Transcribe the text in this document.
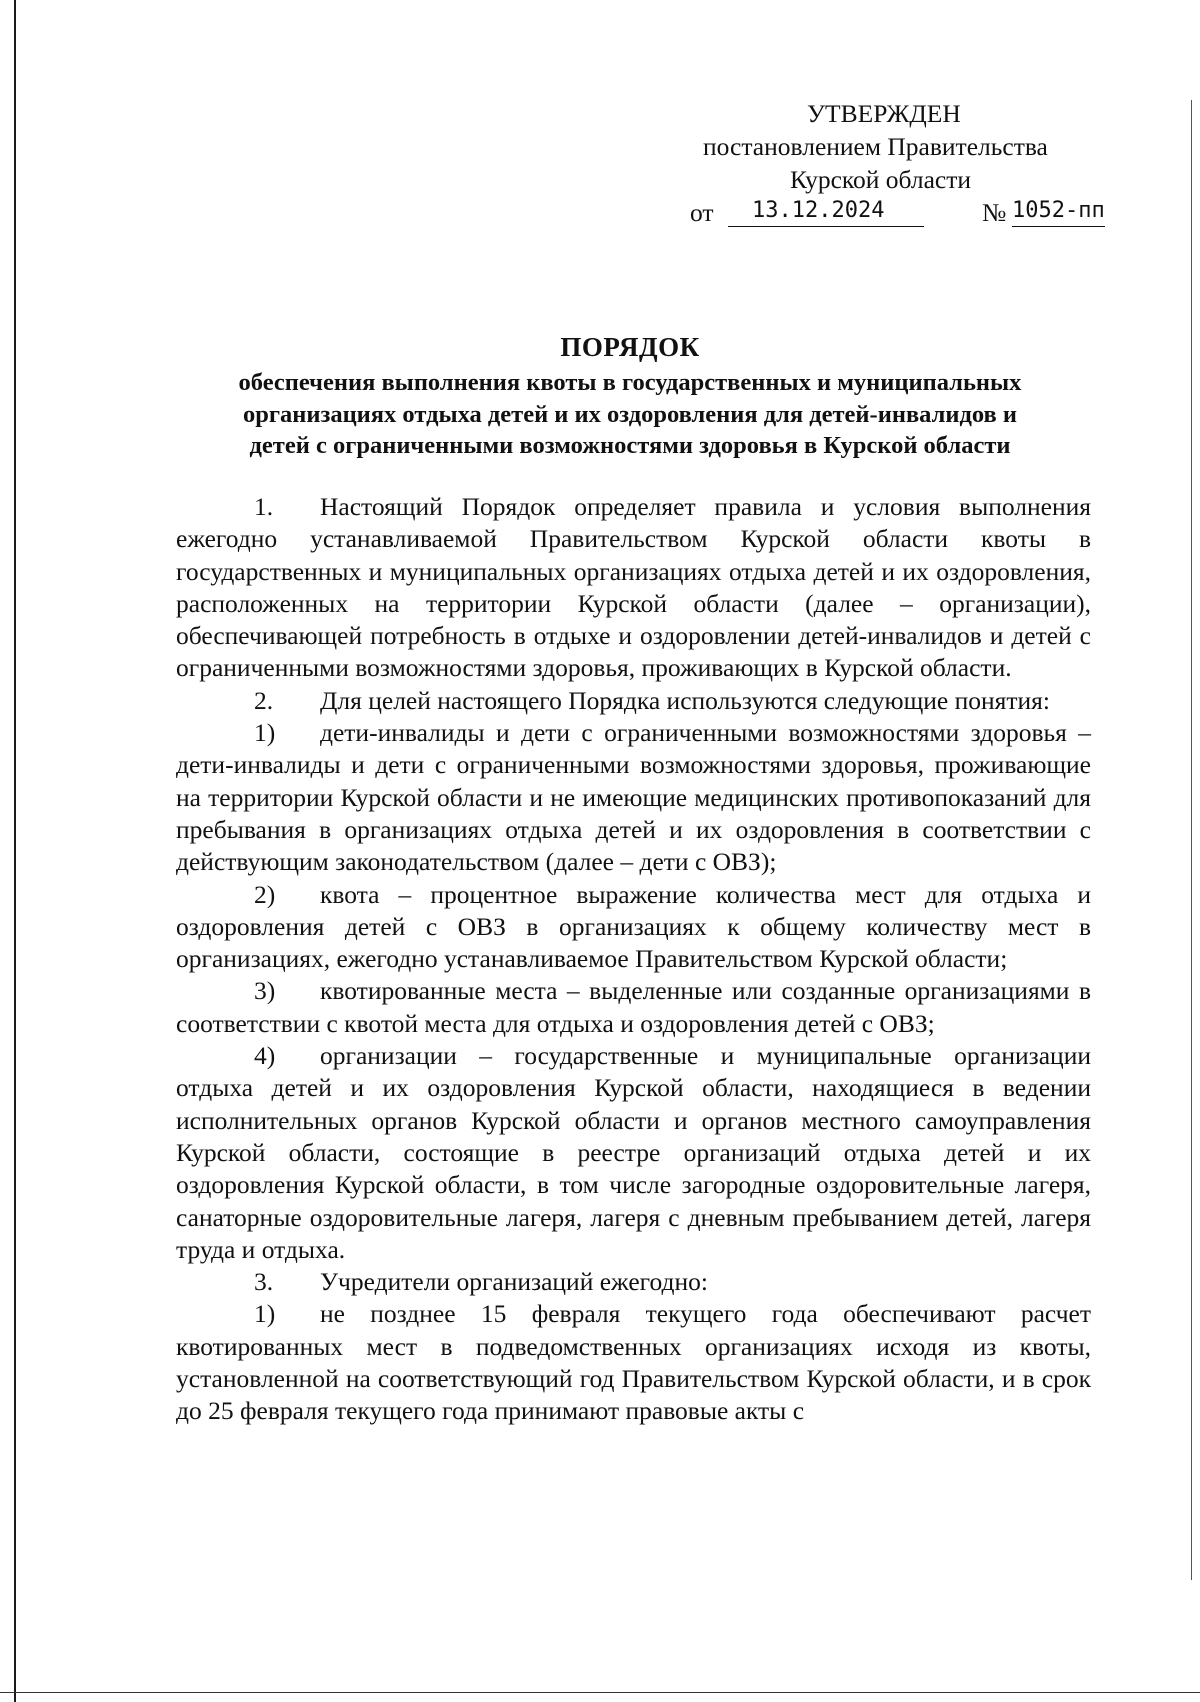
УТВЕРЖДЕН
постановлением Правительства
Курской области
от	13.12.2024	№ 1052-пп
ПОРЯДОК
обеспечения выполнения квоты в государственных и муниципальных
организациях отдыха детей и их оздоровления для детей-инвалидов и
детей с ограниченными возможностями здоровья в Курской области

1. Настоящий Порядок определяет правила и условия выполнения ежегодно устанавливаемой Правительством Курской области квоты в государственных и муниципальных организациях отдыха детей и их оздоровления, расположенных на территории Курской области (далее – организации), обеспечивающей потребность в отдыхе и оздоровлении детей-инвалидов и детей с ограниченными возможностями здоровья, проживающих в Курской области.

2. Для целей настоящего Порядка используются следующие понятия:

1) дети-инвалиды и дети с ограниченными возможностями здоровья – дети-инвалиды и дети с ограниченными возможностями здоровья, проживающие на территории Курской области и не имеющие медицинских противопоказаний для пребывания в организациях отдыха детей и их оздоровления в соответствии с действующим законодательством (далее – дети с ОВЗ);

2) квота – процентное выражение количества мест для отдыха и оздоровления детей с ОВЗ в организациях к общему количеству мест в организациях, ежегодно устанавливаемое Правительством Курской области;

3) квотированные места – выделенные или созданные организациями в соответствии с квотой места для отдыха и оздоровления детей с ОВЗ;

4) организации – государственные и муниципальные организации отдыха детей и их оздоровления Курской области, находящиеся в ведении исполнительных органов Курской области и органов местного самоуправления Курской области, состоящие в реестре организаций отдыха детей и их оздоровления Курской области, в том числе загородные оздоровительные лагеря, санаторные оздоровительные лагеря, лагеря с дневным пребыванием детей, лагеря труда и отдыха.

3. Учредители организаций ежегодно:

1) не позднее 15 февраля текущего года обеспечивают расчет квотированных мест в подведомственных организациях исходя из квоты, установленной на соответствующий год Правительством Курской области, и в срок до 25 февраля текущего года принимают правовые акты с
